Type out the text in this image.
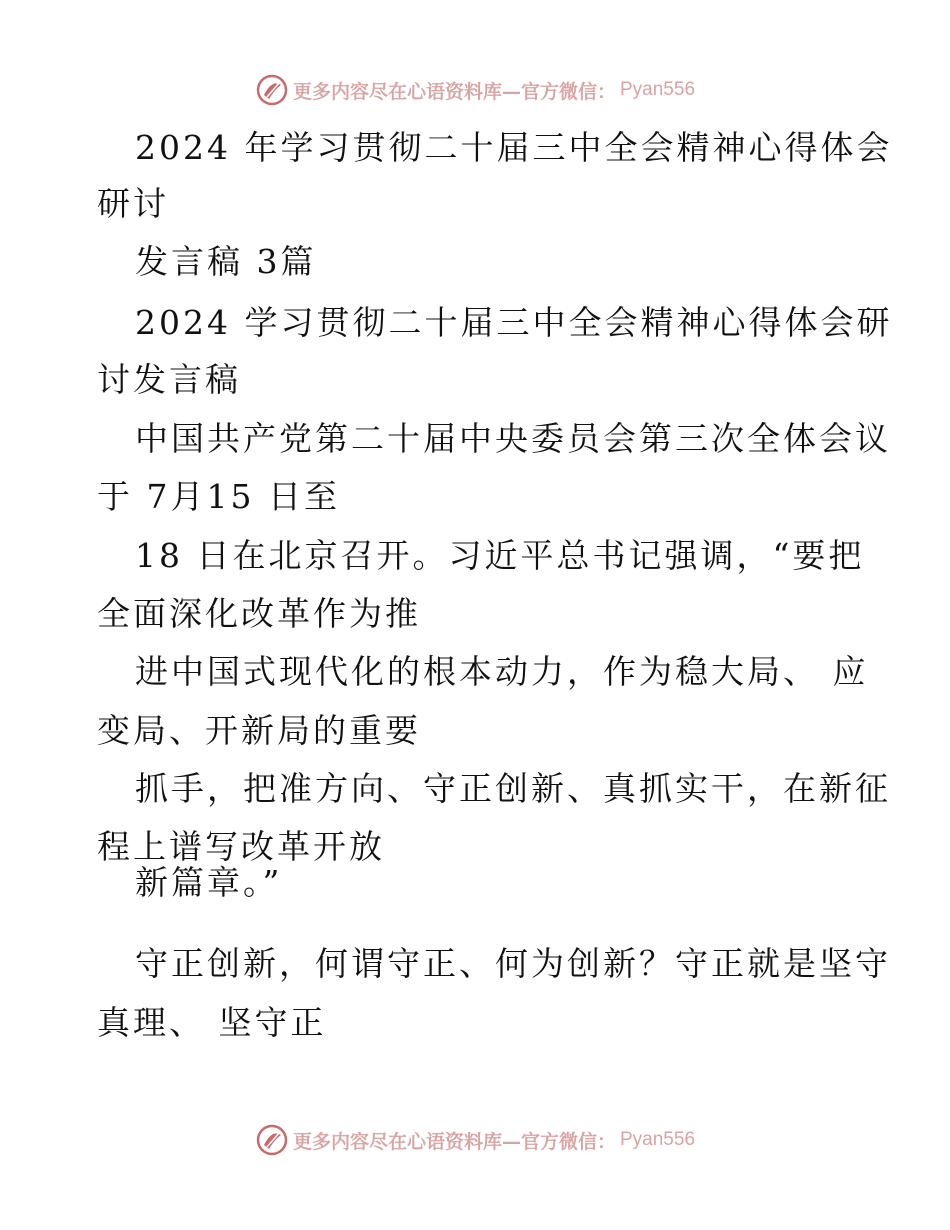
更多内容尽在心语资料库—官方微信： Pyan556
2024 年学习贯彻二十届三中全会精神心得体会
研讨
发言稿 3篇
2024 学习贯彻二十届三中全会精神心得体会研
讨发言稿
中国共产党第二十届中央委员会第三次全体会议
于 7月15 日至
18 日在北京召开。习近平总书记强调，“要把
全面深化改革作为推
进中国式现代化的根本动力，作为稳大局、 应
变局、开新局的重要
抓手，把准方向、守正创新、真抓实干，在新征
程上谱写改革开放
新篇章。”
守正创新，何谓守正、何为创新？守正就是坚守
真理、 坚守正
更多内容尽在心语资料库—官方微信： Pyan556
